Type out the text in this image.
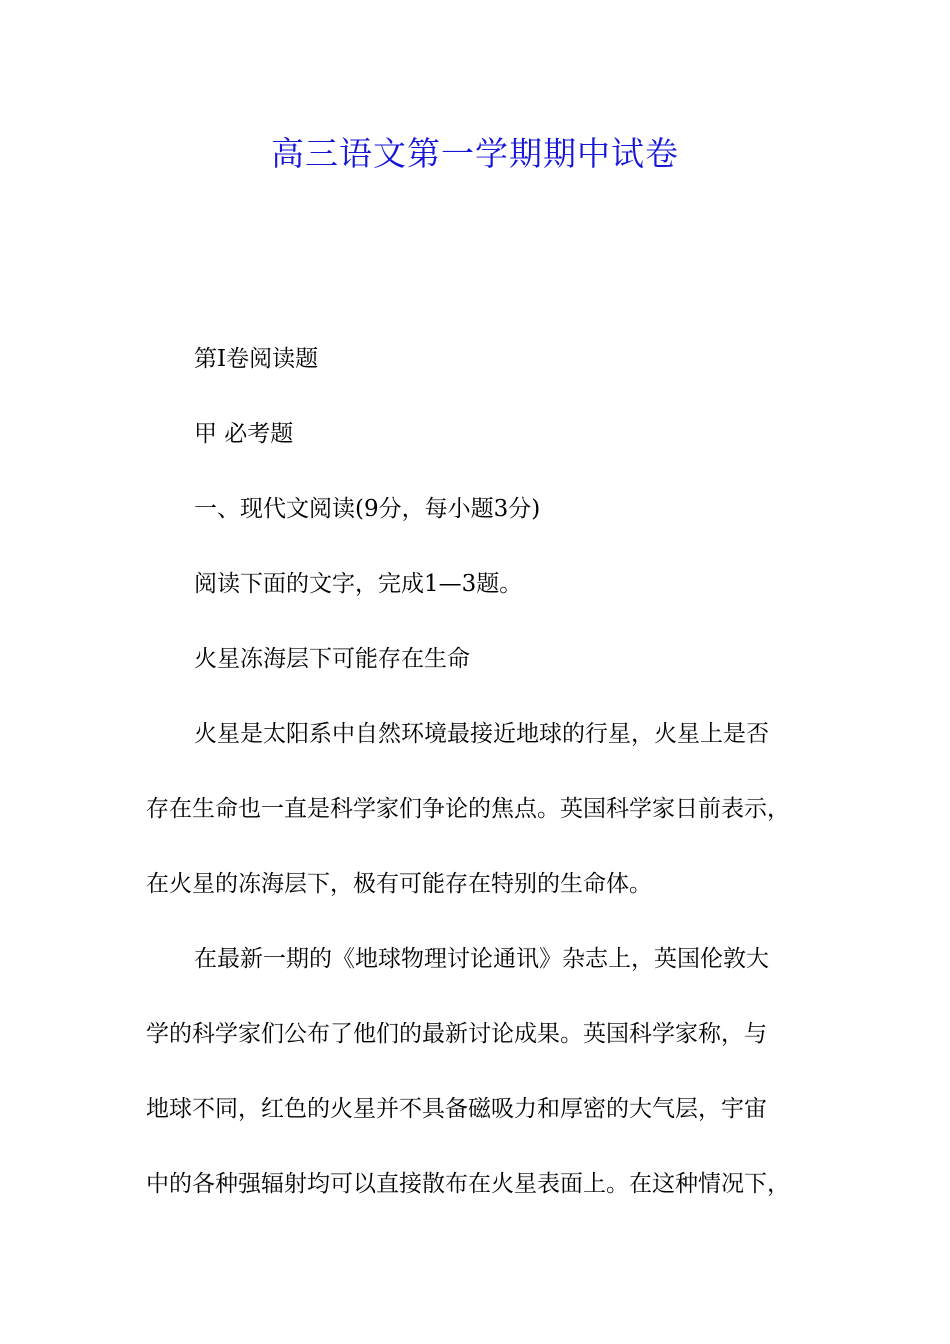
高三语文第一学期期中试卷
第Ⅰ卷阅读题
甲 必考题
一、现代文阅读(9分，每小题3分)
阅读下面的文字，完成1—3题。
火星冻海层下可能存在生命
火星是太阳系中自然环境最接近地球的行星，火星上是否
存在生命也一直是科学家们争论的焦点。英国科学家日前表示，
在火星的冻海层下，极有可能存在特别的生命体。
在最新一期的《地球物理讨论通讯》杂志上，英国伦敦大
学的科学家们公布了他们的最新讨论成果。英国科学家称，与
地球不同，红色的火星并不具备磁吸力和厚密的大气层，宇宙
中的各种强辐射均可以直接散布在火星表面上。在这种情况下，
